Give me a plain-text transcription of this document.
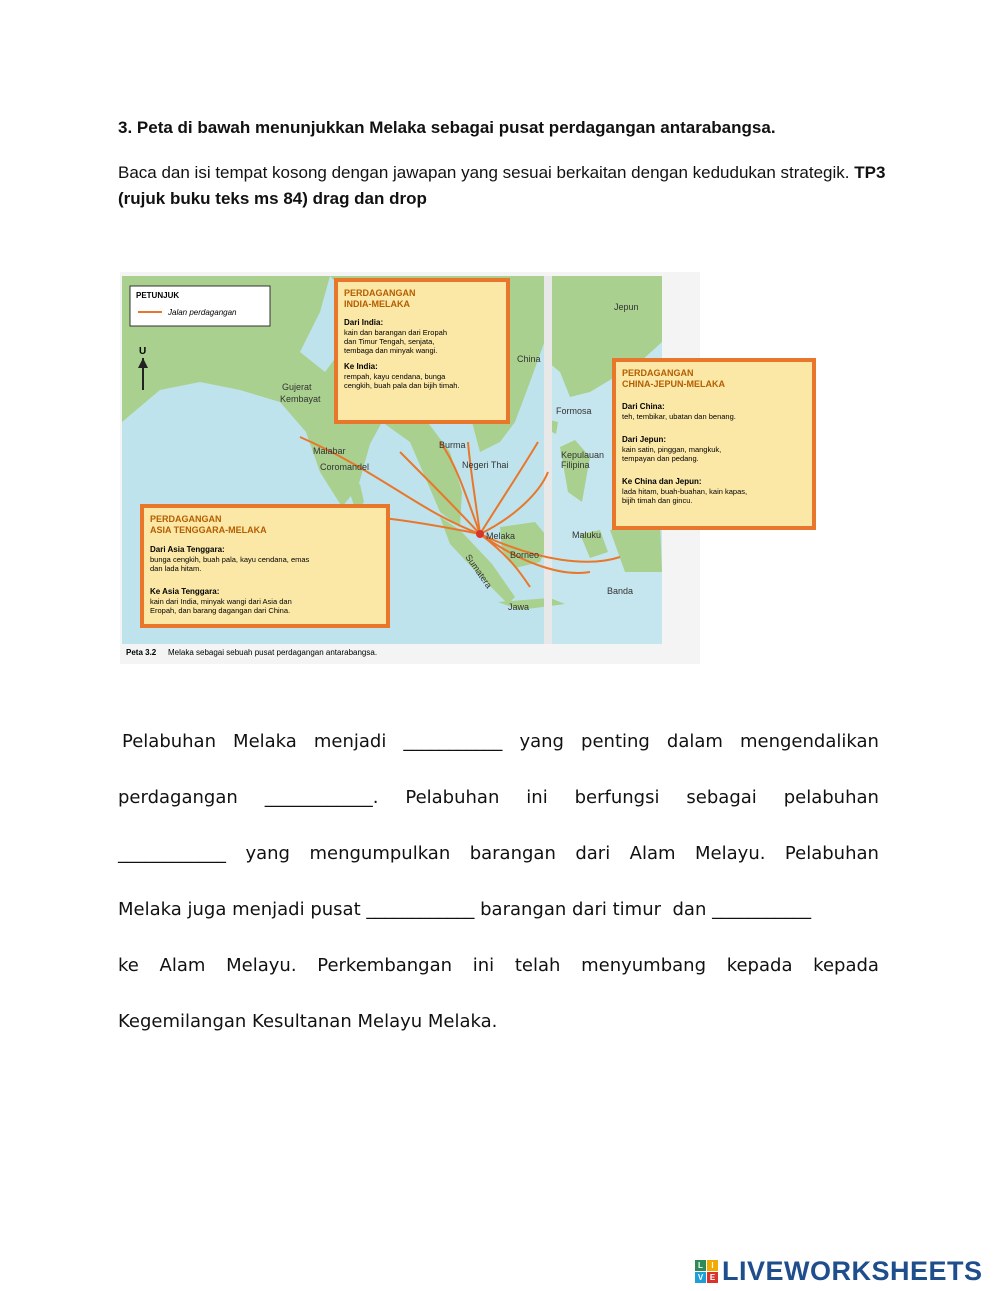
3. Peta di bawah menunjukkan Melaka sebagai pusat perdagangan antarabangsa.
Baca dan isi tempat kosong dengan jawapan yang sesuai berkaitan dengan kedudukan strategik. TP3 (rujuk buku teks ms 84) drag dan drop
PETUNJUK
Jalan perdagangan
U
Gujerat
Kembayat
Malabar
Coromandel
China
Burma
Negeri Thai
Formosa
Kepulauan
Filipina
Jepun
Melaka
Borneo
Sumatera
Jawa
Maluku
Banda
PERDAGANGAN
INDIA-MELAKA
Dari India:
kain dan barangan dari Eropah
dan Timur Tengah, senjata,
tembaga dan minyak wangi.
Ke India:
rempah, kayu cendana, bunga
cengkih, buah pala dan bijih timah.
PERDAGANGAN
CHINA-JEPUN-MELAKA
Dari China:
teh, tembikar, ubatan dan benang.
Dari Jepun:
kain satin, pinggan, mangkuk,
tempayan dan pedang.
Ke China dan Jepun:
lada hitam, buah-buahan, kain kapas,
bijih timah dan gincu.
PERDAGANGAN
ASIA TENGGARA-MELAKA
Dari Asia Tenggara:
bunga cengkih, buah pala, kayu cendana, emas
dan lada hitam.
Ke Asia Tenggara:
kain dari India, minyak wangi dari Asia dan
Eropah, dan barang dagangan dari China.
Peta 3.2 Melaka sebagai sebuah pusat perdagangan antarabangsa.
Pelabuhan Melaka menjadi ___________ yang penting dalam mengendalikan
perdagangan ____________. Pelabuhan ini berfungsi sebagai pelabuhan
____________ yang mengumpulkan barangan dari Alam Melayu. Pelabuhan
Melaka
juga
menjadi
pusat
____________
barangan
dari
timur
dan
___________
ke Alam Melayu. Perkembangan ini telah menyumbang kepada kepada
Kegemilangan Kesultanan Melayu Melaka.
L	I
V E LIVEWORKSHEETS
